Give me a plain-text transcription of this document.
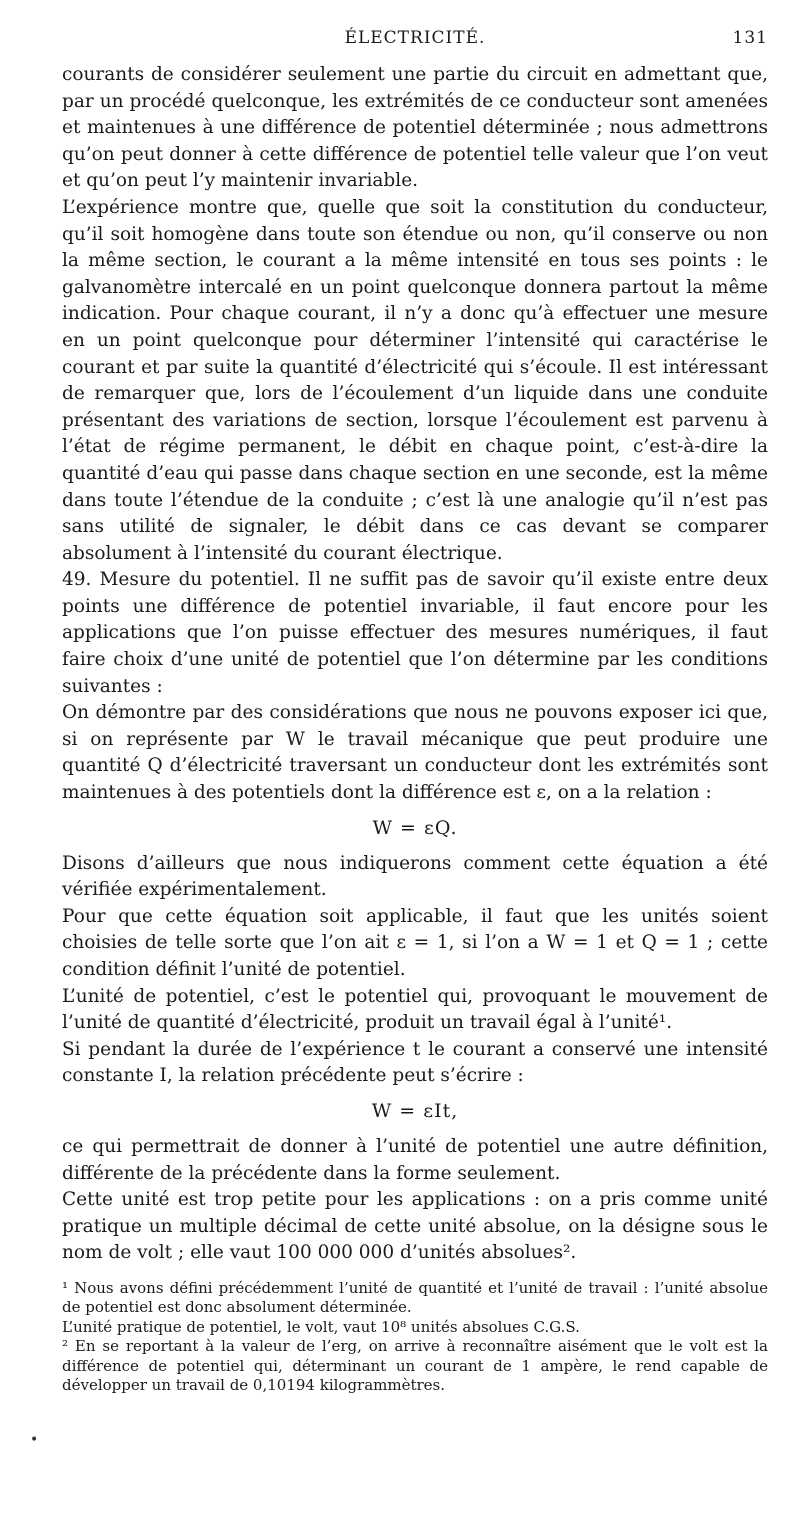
ÉLECTRICITÉ.	131

courants de considérer seulement une partie du circuit en admettant que, par un procédé quelconque, les extrémités de ce conducteur sont amenées et maintenues à une différence de potentiel déterminée ; nous admettrons qu’on peut donner à cette différence de potentiel telle valeur que l’on veut et qu’on peut l’y maintenir invariable.

L’expérience montre que, quelle que soit la constitution du conducteur, qu’il soit homogène dans toute son étendue ou non, qu’il conserve ou non la même section, le courant a la même intensité en tous ses points : le galvanomètre intercalé en un point quelconque donnera partout la même indication. Pour chaque courant, il n’y a donc qu’à effectuer une mesure en un point quelconque pour déterminer l’intensité qui caractérise le courant et par suite la quantité d’électricité qui s’écoule. Il est intéressant de remarquer que, lors de l’écoulement d’un liquide dans une conduite présentant des variations de section, lorsque l’écoulement est parvenu à l’état de régime permanent, le débit en chaque point, c’est-à-dire la quantité d’eau qui passe dans chaque section en une seconde, est la même dans toute l’étendue de la conduite ; c’est là une analogie qu’il n’est pas sans utilité de signaler, le débit dans ce cas devant se comparer absolument à l’intensité du courant électrique.

49. Mesure du potentiel. Il ne suffit pas de savoir qu’il existe entre deux points une différence de potentiel invariable, il faut encore pour les applications que l’on puisse effectuer des mesures numériques, il faut faire choix d’une unité de potentiel que l’on détermine par les conditions suivantes :

On démontre par des considérations que nous ne pouvons exposer ici que, si on représente par W le travail mécanique que peut produire une quantité Q d’électricité traversant un conducteur dont les extrémités sont maintenues à des potentiels dont la différence est ε, on a la relation :

W = εQ.

Disons d’ailleurs que nous indiquerons comment cette équation a été vérifiée expérimentalement.

Pour que cette équation soit applicable, il faut que les unités soient choisies de telle sorte que l’on ait ε = 1, si l’on a W = 1 et Q = 1 ; cette condition définit l’unité de potentiel.

L’unité de potentiel, c’est le potentiel qui, provoquant le mouvement de l’unité de quantité d’électricité, produit un travail égal à l’unité¹.

Si pendant la durée de l’expérience t le courant a conservé une intensité constante I, la relation précédente peut s’écrire :

W = εIt,

ce qui permettrait de donner à l’unité de potentiel une autre définition, différente de la précédente dans la forme seulement.

Cette unité est trop petite pour les applications : on a pris comme unité pratique un multiple décimal de cette unité absolue, on la désigne sous le nom de volt ; elle vaut 100 000 000 d’unités absolues².

¹ Nous avons défini précédemment l’unité de quantité et l’unité de travail : l’unité absolue de potentiel est donc absolument déterminée.

L’unité pratique de potentiel, le volt, vaut 10⁸ unités absolues C.G.S.

² En se reportant à la valeur de l’erg, on arrive à reconnaître aisément que le volt est la différence de potentiel qui, déterminant un courant de 1 ampère, le rend capable de développer un travail de 0,10194 kilogrammètres.

•
